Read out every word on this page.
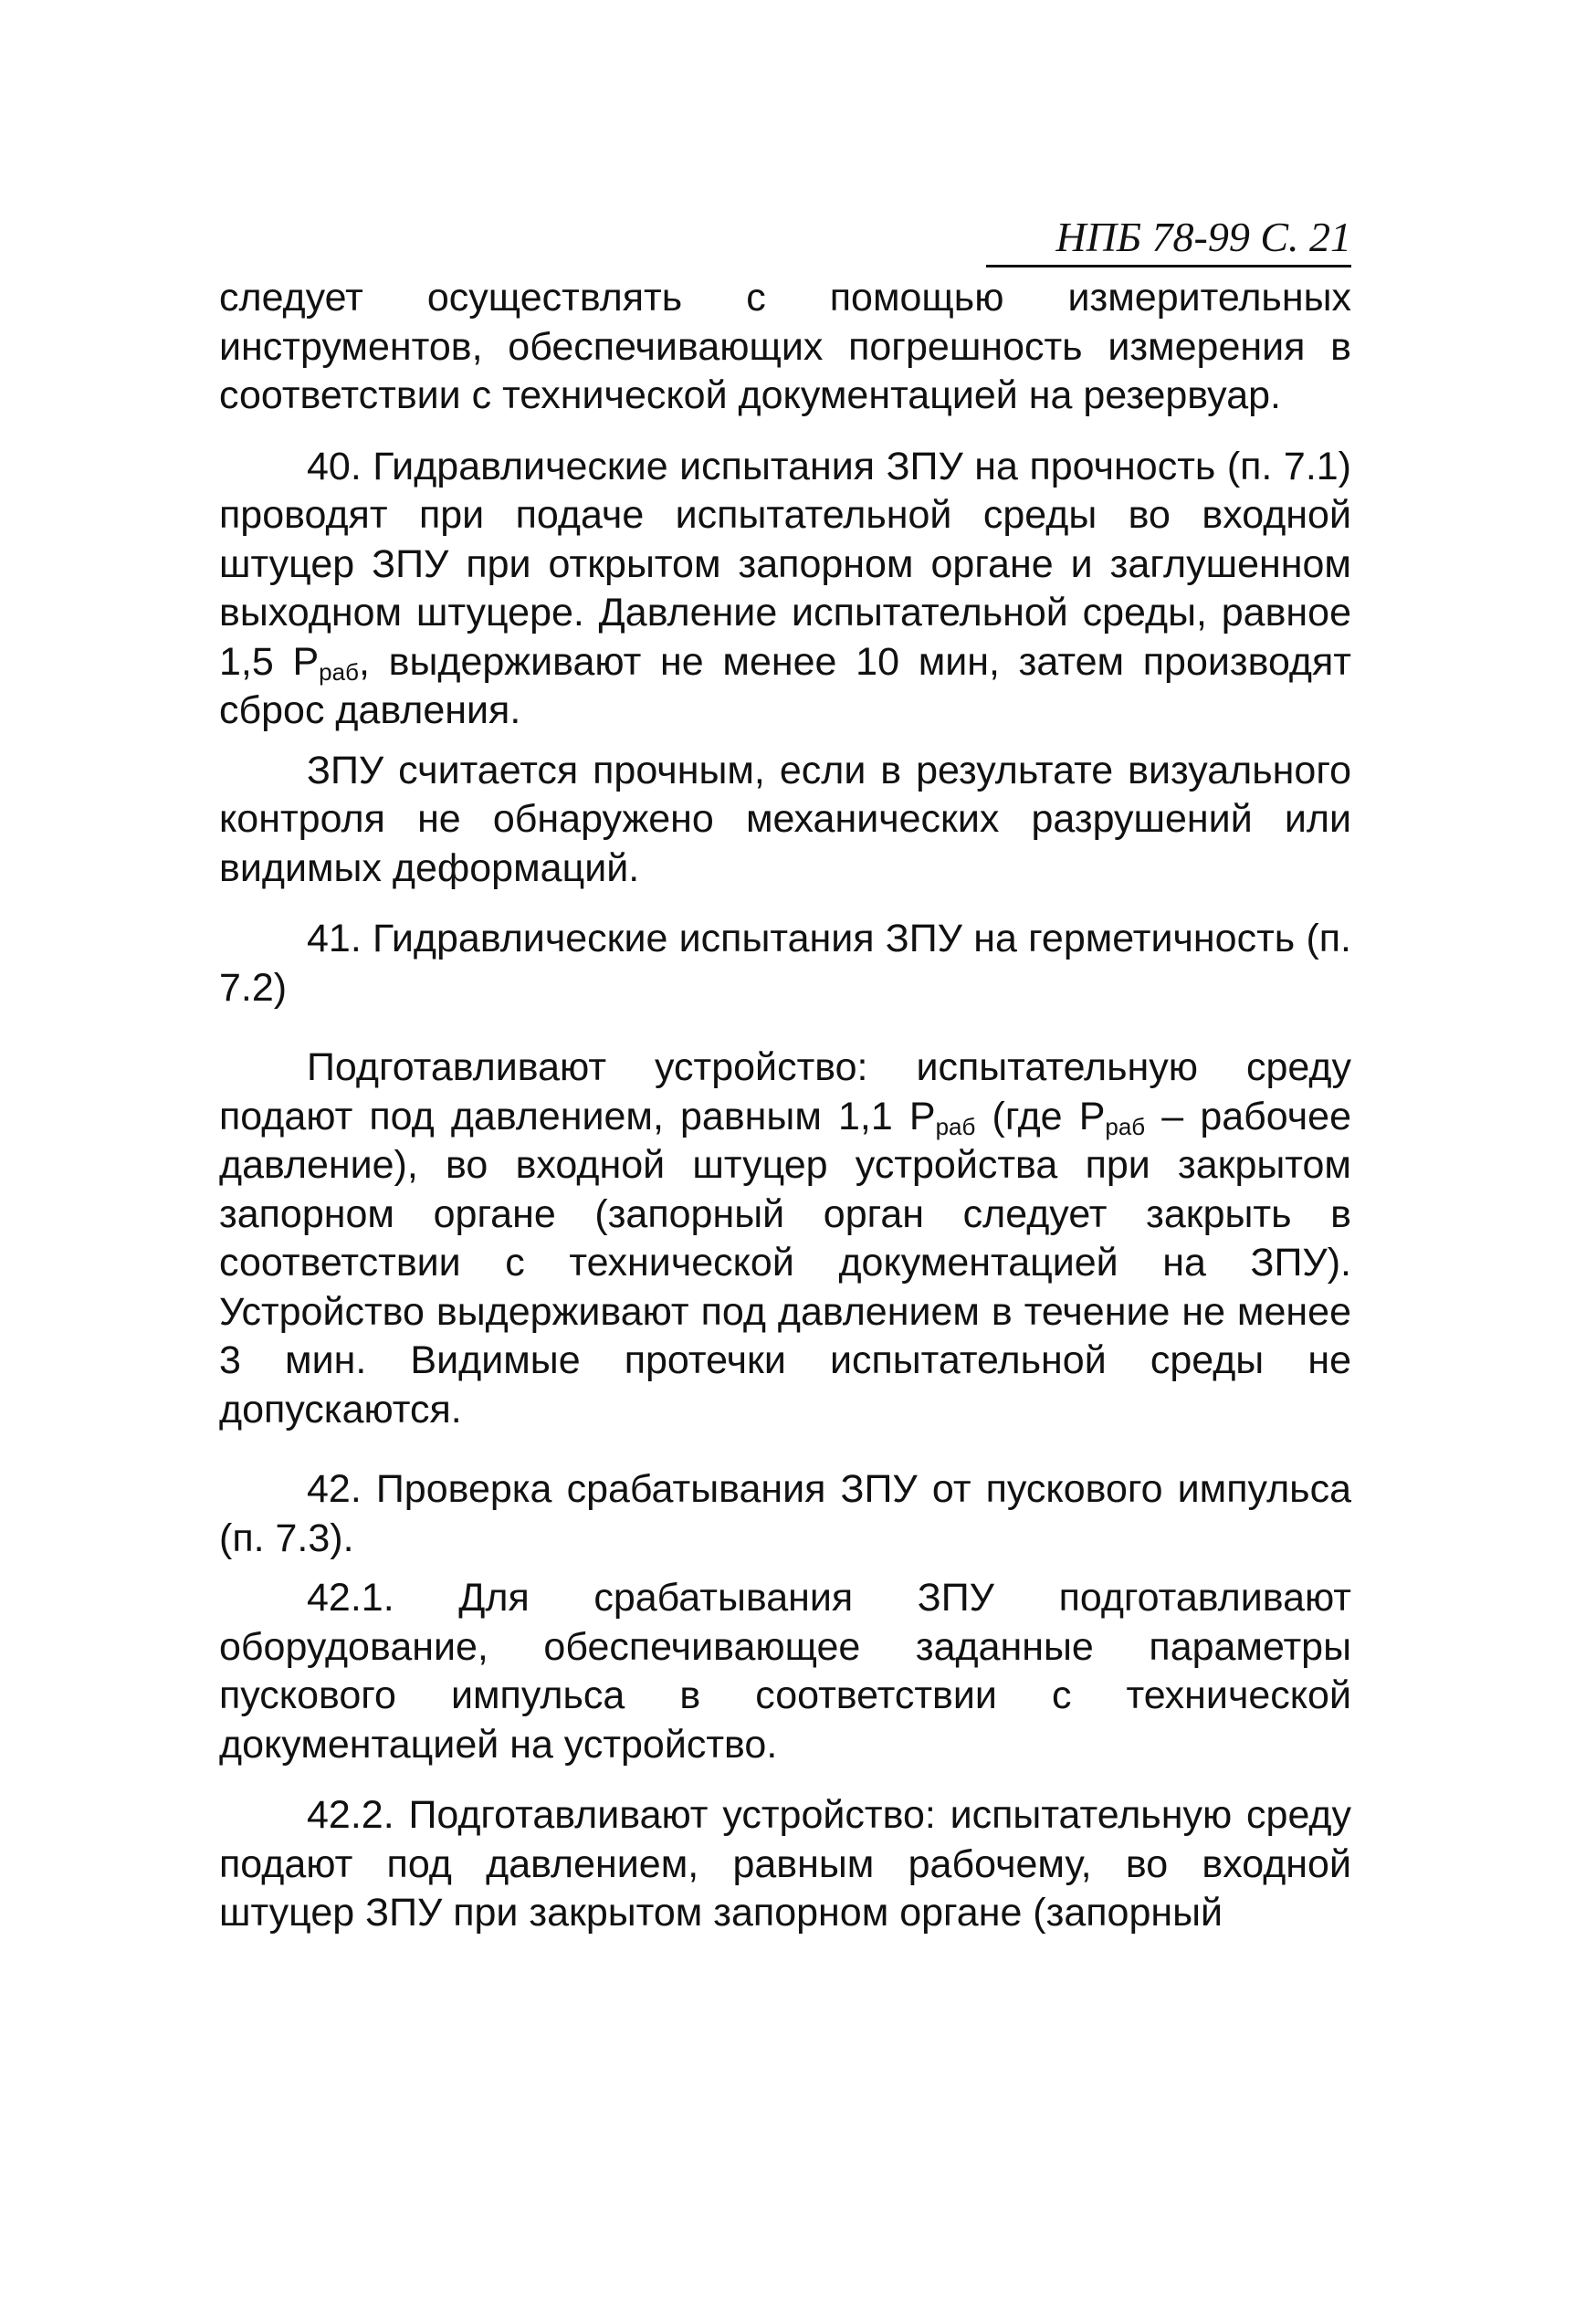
НПБ 78-99 С. 21

следует осуществлять с помощью измерительных инструментов, обеспечивающих погрешность измерения в соответствии с технической документацией на резервуар.

40. Гидравлические испытания ЗПУ на прочность (п. 7.1) проводят при подаче испытательной среды во входной штуцер ЗПУ при открытом запорном органе и заглушенном выходном штуцере. Давление испытательной среды, равное 1,5 $Р_{раб}$, выдерживают не менее 10 мин, затем производят сброс давления.

ЗПУ считается прочным, если в результате визуального контроля не обнаружено механических разрушений или видимых деформаций.

41. Гидравлические испытания ЗПУ на герметичность (п. 7.2)

Подготавливают устройство: испытательную среду подают под давлением, равным 1,1 $Р_{раб}$ (где $Р_{раб}$ – рабочее давление), во входной штуцер устройства при закрытом запорном органе (запорный орган следует закрыть в соответствии с технической документацией на ЗПУ). Устройство выдерживают под давлением в течение не менее 3 мин. Видимые протечки испытательной среды не допускаются.

42. Проверка срабатывания ЗПУ от пускового импульса (п. 7.3).

42.1. Для срабатывания ЗПУ подготавливают оборудование, обеспечивающее заданные параметры пускового импульса в соответствии с технической документацией на устройство.

42.2. Подготавливают устройство: испытательную среду подают под давлением, равным рабочему, во входной штуцер ЗПУ при закрытом запорном органе (запорный
